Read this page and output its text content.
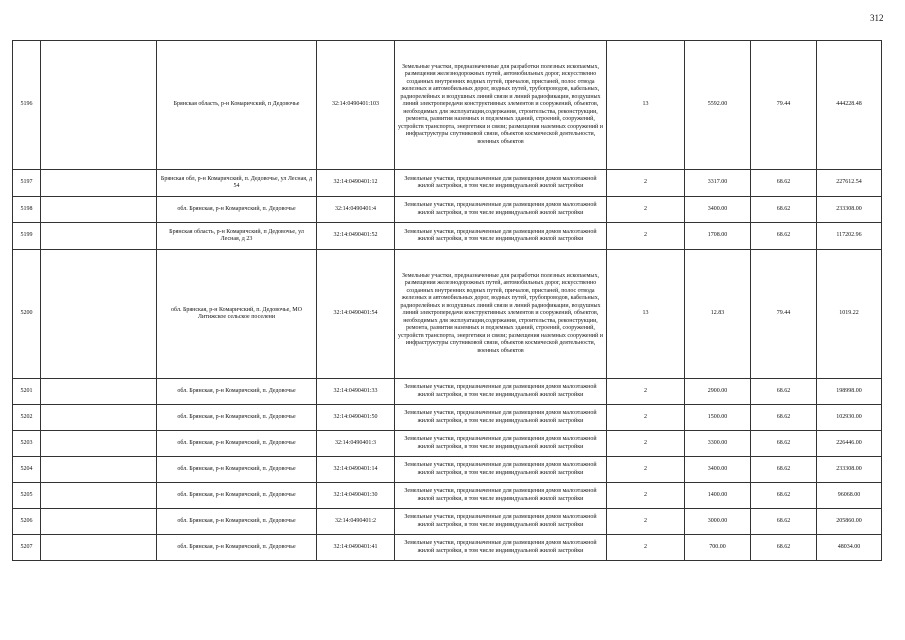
312
5196		Брянская область, р-н Комаричский, п Дедовочье	32:14:0490401:103	Земельные участки, предназначенные для разработки полезных ископаемых, размещения железнодорожных путей, автомобильных дорог, искусственно созданных внутренних водных путей, причалов, пристаней, полос отвода железных и автомобильных дорог, водных путей, трубопроводов, кабельных, радиорелейных и воздушных линий связи и линий радиофикации, воздушных линий электропередачи конструктивных элементов и сооружений, объектов, необходимых для эксплуатации,содержания, строительства, реконструкции, ремонта, развития наземных и подземных зданий, строений, сооружений, устройств транспорта, энергетики и связи; размещения наземных сооружений и инфраструктуры спутниковой связи, объектов космической деятельности, военных объектов	13	5592.00	79.44	444228.48
5197		Брянская обл, р-н Комаричский, п. Дедовочье, ул Лесная, д 54	32:14:0490401:12	Земельные участки, предназначенные для размещения домов малоэтажной жилой застройки, в том числе индивидуальной жилой застройки	2	3317.00	68.62	227612.54
5198		обл. Брянская, р-н Комаричский, п. Дедовочье	32:14:0490401:4	Земельные участки, предназначенные для размещения домов малоэтажной жилой застройки, в том числе индивидуальной жилой застройки	2	3400.00	68.62	233308.00
5199		Брянская область, р-н Комаричский, п Дедовочье, ул Лесная, д 23	32:14:0490401:52	Земельные участки, предназначенные для размещения домов малоэтажной жилой застройки, в том числе индивидуальной жилой застройки	2	1708.00	68.62	117202.96
5200		обл. Брянская, р-н Комаричский, п. Дедовочье, МО Литижское сельское поселени	32:14:0490401:54	Земельные участки, предназначенные для разработки полезных ископаемых, размещения железнодорожных путей, автомобильных дорог, искусственно созданных внутренних водных путей, причалов, пристаней, полос отвода железных и автомобильных дорог, водных путей, трубопроводов, кабельных, радиорелейных и воздушных линий связи и линий радиофикации, воздушных линий электропередачи конструктивных элементов и сооружений, объектов, необходимых для эксплуатации,содержания, строительства, реконструкции, ремонта, развития наземных и подземных зданий, строений, сооружений, устройств транспорта, энергетики и связи; размещения наземных сооружений и инфраструктуры спутниковой связи, объектов космической деятельности, военных объектов	13	12.83	79.44	1019.22
5201		обл. Брянская, р-н Комаричский, п. Дедовочье	32:14:0490401:33	Земельные участки, предназначенные для размещения домов малоэтажной жилой застройки, в том числе индивидуальной жилой застройки	2	2900.00	68.62	198998.00
5202		обл. Брянская, р-н Комаричский, п. Дедовочье	32:14:0490401:50	Земельные участки, предназначенные для размещения домов малоэтажной жилой застройки, в том числе индивидуальной жилой застройки	2	1500.00	68.62	102930.00
5203		обл. Брянская, р-н Комаричский, п. Дедовочье	32:14:0490401:3	Земельные участки, предназначенные для размещения домов малоэтажной жилой застройки, в том числе индивидуальной жилой застройки	2	3300.00	68.62	226446.00
5204		обл. Брянская, р-н Комаричский, п. Дедовочье	32:14:0490401:14	Земельные участки, предназначенные для размещения домов малоэтажной жилой застройки, в том числе индивидуальной жилой застройки	2	3400.00	68.62	233308.00
5205		обл. Брянская, р-н Комаричский, п. Дедовочье	32:14:0490401:30	Земельные участки, предназначенные для размещения домов малоэтажной жилой застройки, в том числе индивидуальной жилой застройки	2	1400.00	68.62	96068.00
5206		обл. Брянская, р-н Комаричский, п. Дедовочье	32:14:0490401:2	Земельные участки, предназначенные для размещения домов малоэтажной жилой застройки, в том числе индивидуальной жилой застройки	2	3000.00	68.62	205860.00
5207		обл. Брянская, р-н Комаричский, п. Дедовочье	32:14:0490401:41	Земельные участки, предназначенные для размещения домов малоэтажной жилой застройки, в том числе индивидуальной жилой застройки	2	700.00	68.62	48034.00
